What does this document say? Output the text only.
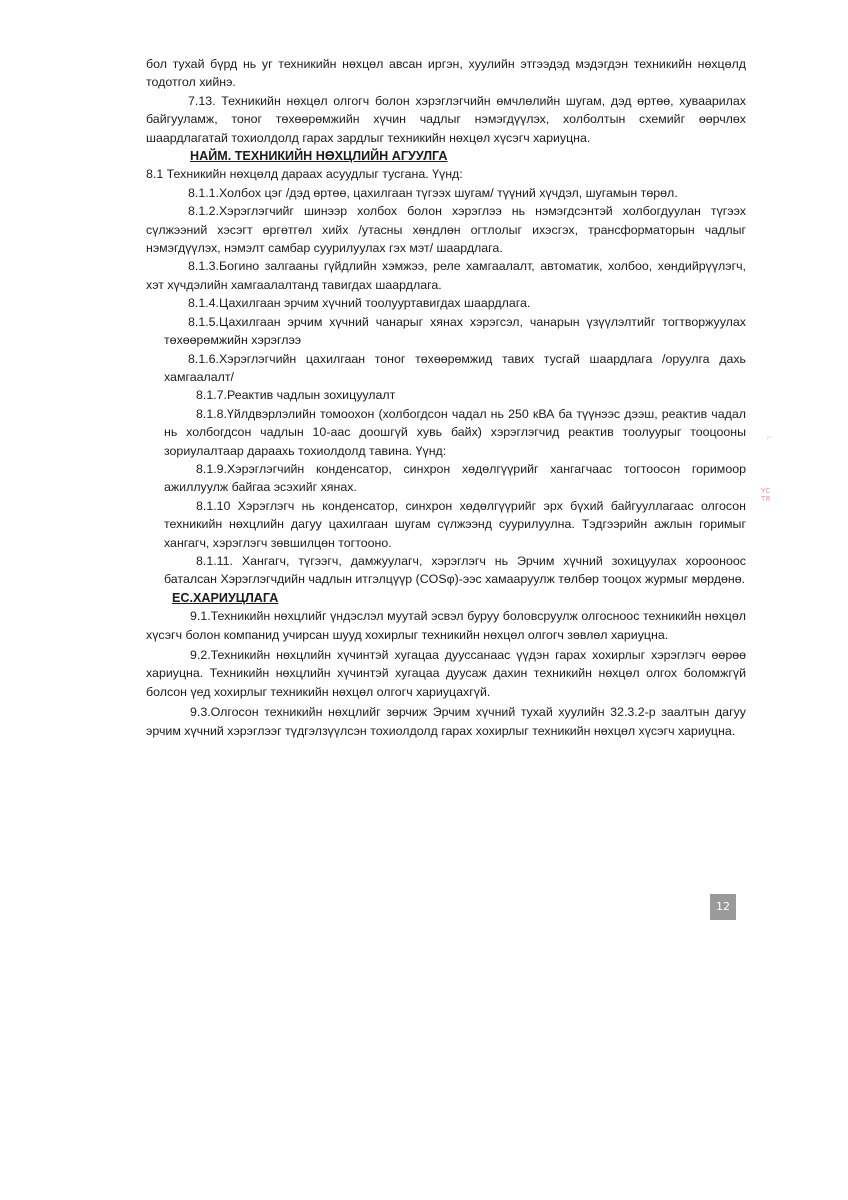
бол тухай бүрд нь уг техникийн нөхцөл авсан иргэн, хуулийн этгээдэд мэдэгдэн техникийн нөхцөлд тодотгол хийнэ.

7.13. Техникийн нөхцөл олгогч болон хэрэглэгчийн өмчлөлийн шугам, дэд өртөө, хуваарилах байгууламж, тоног төхөөрөмжийн хүчин чадлыг нэмэгдүүлэх, холболтын схемийг өөрчлөх шаардлагатай тохиолдолд гарах зардлыг техникийн нөхцөл хүсэгч хариуцна.

НАЙМ. ТЕХНИКИЙН НӨХЦЛИЙН АГУУЛГА

8.1 Техникийн нөхцөлд дараах асуудлыг тусгана. Үүнд:

8.1.1.Холбох цэг /дэд өртөө, цахилгаан түгээх шугам/ түүний хүчдэл, шугамын төрөл.

8.1.2.Хэрэглэгчийг шинээр холбох болон хэрэглээ нь нэмэгдсэнтэй холбогдуулан түгээх сүлжээний хэсэгт өргөтгөл хийх /утасны хөндлөн огтлолыг ихэсгэх, трансформаторын чадлыг нэмэгдүүлэх, нэмэлт самбар суурилуулах гэх мэт/ шаардлага.

8.1.3.Богино залгааны гүйдлийн хэмжээ, реле хамгаалалт, автоматик, холбоо, хөндийрүүлэгч, хэт хүчдэлийн хамгаалалтанд тавигдах шаардлага.

8.1.4.Цахилгаан эрчим хүчний тоолууртавигдах шаардлага.

8.1.5.Цахилгаан эрчим хүчний чанарыг хянах хэрэгсэл, чанарын үзүүлэлтийг тогтворжуулах төхөөрөмжийн хэрэглээ

8.1.6.Хэрэглэгчийн цахилгаан тоног төхөөрөмжид тавих тусгай шаардлага /оруулга дахь хамгаалалт/

8.1.7.Реактив чадлын зохицуулалт

8.1.8.Үйлдвэрлэлийн томоохон (холбогдсон чадал нь 250 кВА ба түүнээс дээш, реактив чадал нь холбогдсон чадлын 10-аас доошгүй хувь байх) хэрэглэгчид реактив тоолуурыг тооцооны зориулалтаар дараахь тохиолдолд тавина. Үүнд:

8.1.9.Хэрэглэгчийн конденсатор, синхрон хөдөлгүүрийг хангагчаас тогтоосон горимоор ажиллуулж байгаа эсэхийг хянах.

8.1.10 Хэрэглэгч нь конденсатор, синхрон хөдөлгүүрийг эрх бүхий байгууллагаас олгосон техникийн нөхцлийн дагуу цахилгаан шугам сүлжээнд суурилуулна. Тэдгээрийн ажлын горимыг хангагч, хэрэглэгч зөвшилцөн тогтооно.

8.1.11. Хангагч, түгээгч, дамжуулагч, хэрэглэгч нь Эрчим хүчний зохицуулах хорооноос баталсан Хэрэглэгчдийн чадлын итгэлцүүр (COSφ)-ээс хамааруулж төлбөр тооцох журмыг мөрдөнө.

ЕС.ХАРИУЦЛАГА

9.1.Техникийн нөхцлийг үндэслэл муутай эсвэл буруу боловсруулж олгосноос техникийн нөхцөл хүсэгч болон компанид учирсан шууд хохирлыг техникийн нөхцөл олгогч зөвлөл хариуцна.

9.2.Техникийн нөхцлийн хүчинтэй хугацаа дууссанаас үүдэн гарах хохирлыг хэрэглэгч өөрөө хариуцна. Техникийн нөхцлийн хүчинтэй хугацаа дуусаж дахин техникийн нөхцөл олгох боломжгүй болсон үед хохирлыг техникийн нөхцөл олгогч хариуцахгүй.

9.3.Олгосон техникийн нөхцлийг зөрчиж Эрчим хүчний тухай хуулийн 32.3.2-р заалтын дагуу эрчим хүчний хэрэглээг түдгэлзүүлсэн тохиолдолд гарах хохирлыг техникийн нөхцөл хүсэгч хариуцна.

⌐
ҮС
ТЯ
12
